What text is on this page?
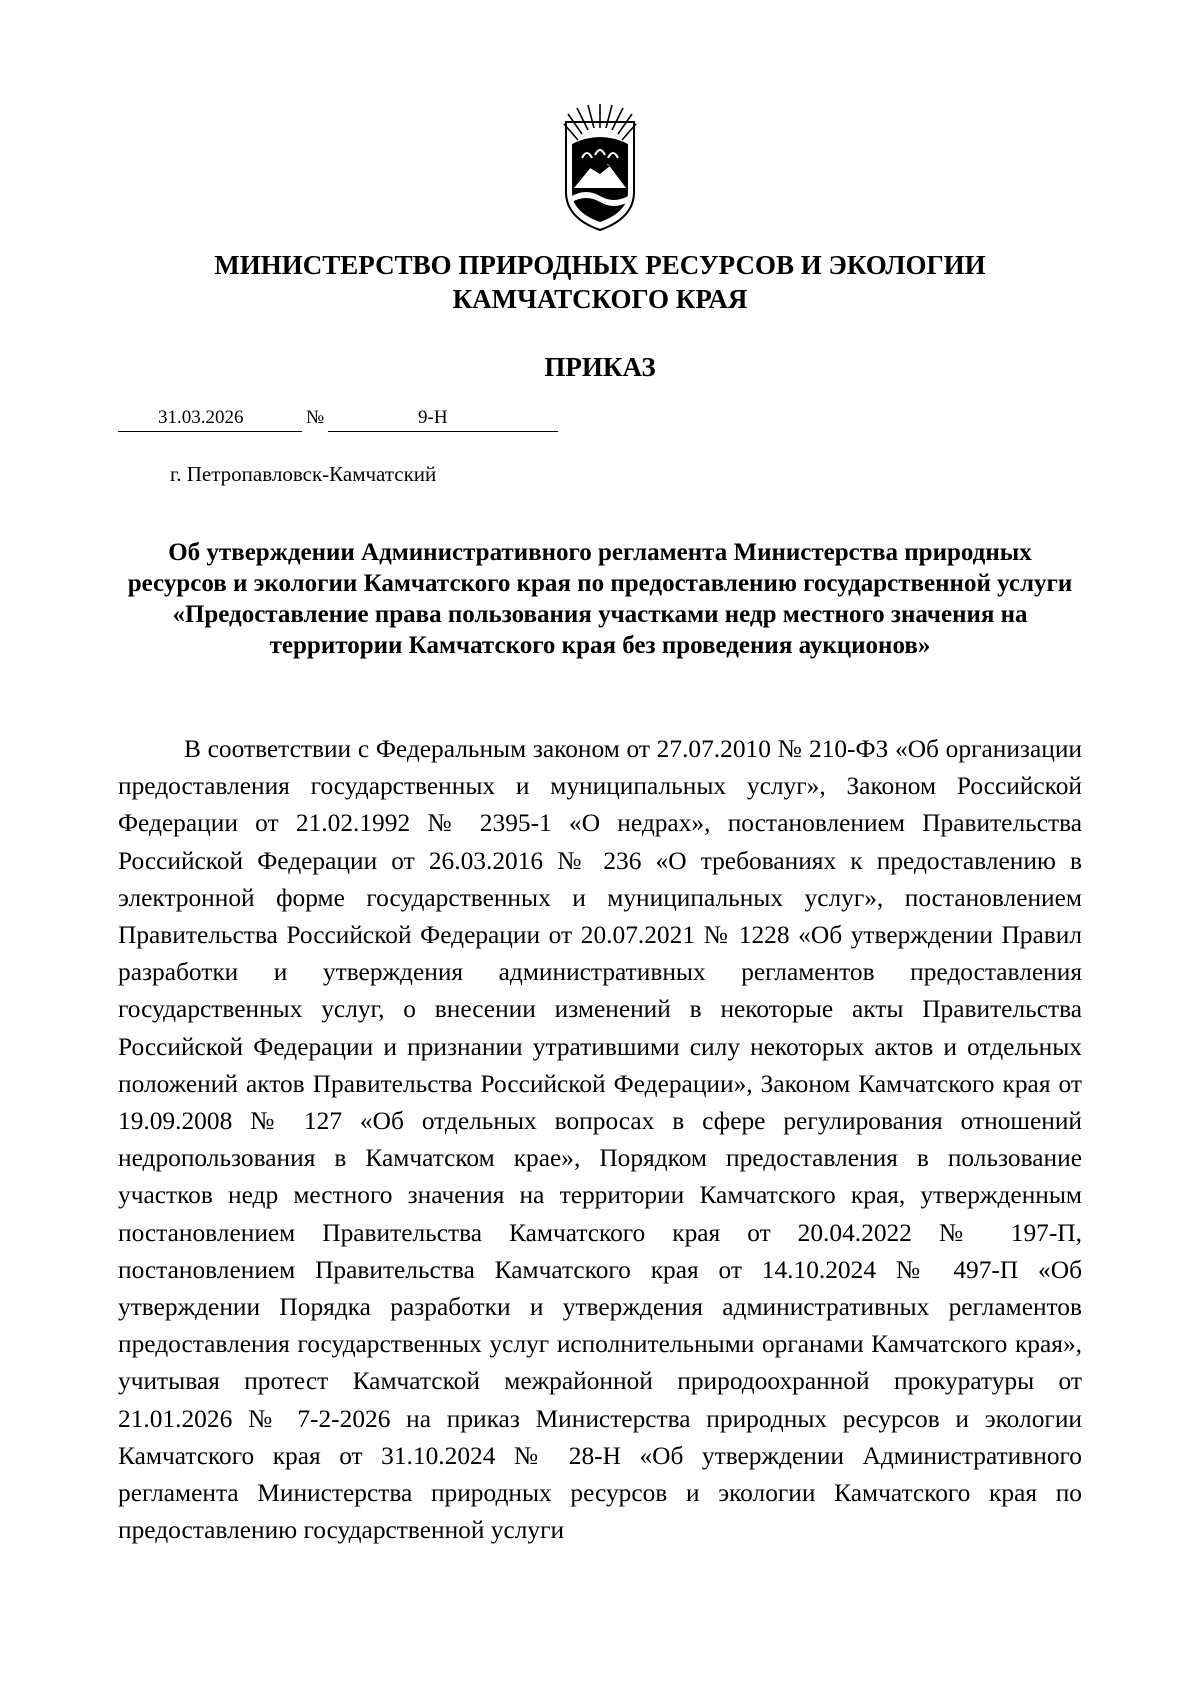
МИНИСТЕРСТВО ПРИРОДНЫХ РЕСУРСОВ И ЭКОЛОГИИ
КАМЧАТСКОГО КРАЯ
ПРИКАЗ
31.03.2026	№	9-Н
г. Петропавловск-Камчатский
Об утверждении Административного регламента Министерства природных ресурсов и экологии Камчатского края по предоставлению государственной услуги «Предоставление права пользования участками недр местного значения на территории Камчатского края без проведения аукционов»
В соответствии с Федеральным законом от 27.07.2010 № 210-ФЗ «Об организации предоставления государственных и муниципальных услуг», Законом Российской Федерации от 21.02.1992 № 2395-1 «О недрах», постановлением Правительства Российской Федерации от 26.03.2016 № 236 «О требованиях к предоставлению в электронной форме государственных и муниципальных услуг», постановлением Правительства Российской Федерации от 20.07.2021 № 1228 «Об утверждении Правил разработки и утверждения административных регламентов предоставления государственных услуг, о внесении изменений в некоторые акты Правительства Российской Федерации и признании утратившими силу некоторых актов и отдельных положений актов Правительства Российской Федерации», Законом Камчатского края от 19.09.2008 № 127 «Об отдельных вопросах в сфере регулирования отношений недропользования в Камчатском крае», Порядком предоставления в пользование участков недр местного значения на территории Камчатского края, утвержденным постановлением Правительства Камчатского края от 20.04.2022 № 197-П, постановлением Правительства Камчатского края от 14.10.2024 № 497-П «Об утверждении Порядка разработки и утверждения административных регламентов предоставления государственных услуг исполнительными органами Камчатского края», учитывая протест Камчатской межрайонной природоохранной прокуратуры от 21.01.2026 № 7-2-2026 на приказ Министерства природных ресурсов и экологии Камчатского края от 31.10.2024 № 28-Н «Об утверждении Административного регламента Министерства природных ресурсов и экологии Камчатского края по предоставлению государственной услуги
